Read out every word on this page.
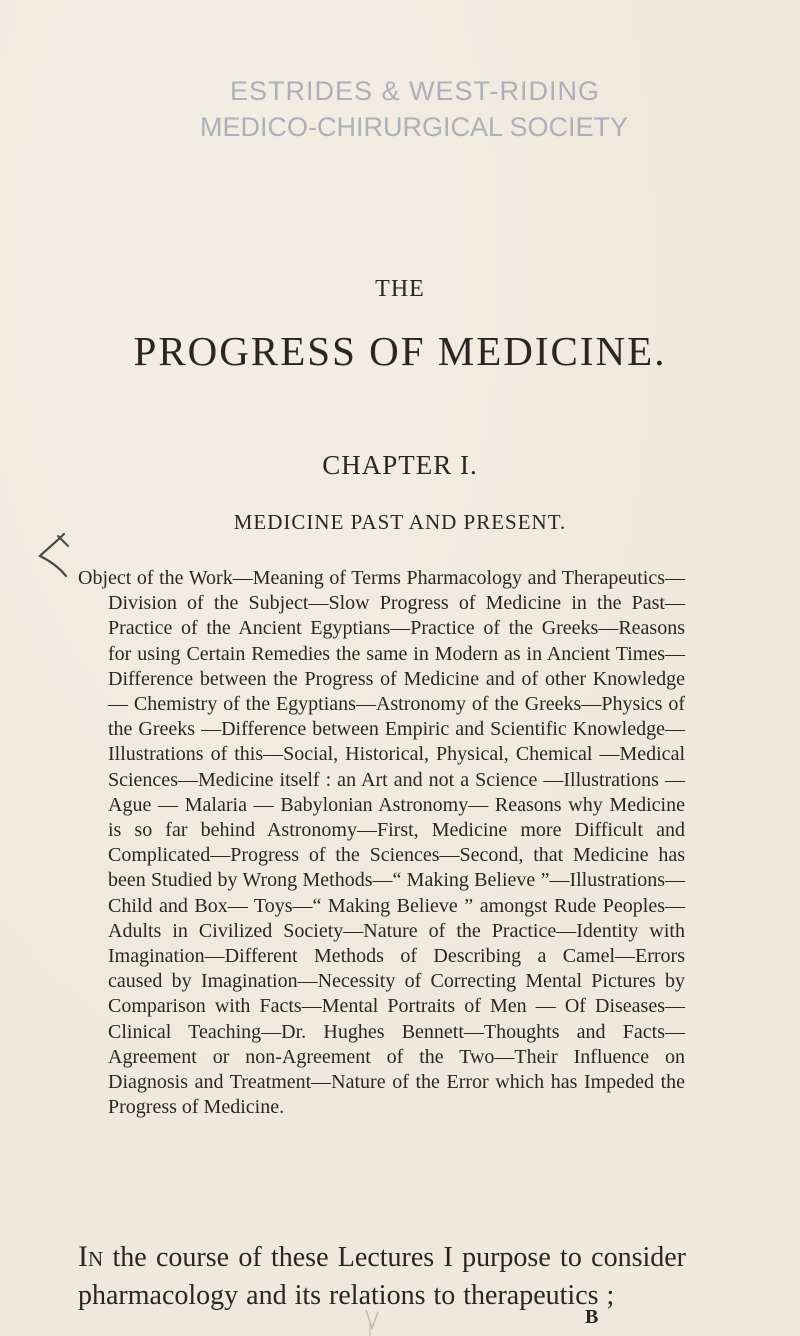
ESTRIDES & WEST-RIDING
MEDICO-CHIRURGICAL SOCIETY
THE
PROGRESS OF MEDICINE.
CHAPTER I.
MEDICINE PAST AND PRESENT.
Object of the Work—Meaning of Terms Pharmacology and Therapeutics—Division of the Subject—Slow Progress of Medicine in the Past—Practice of the Ancient Egyptians—Practice of the Greeks—Reasons for using Certain Remedies the same in Modern as in Ancient Times—Difference between the Progress of Medicine and of other Knowledge — Chemistry of the Egyptians—Astronomy of the Greeks—Physics of the Greeks —Difference between Empiric and Scientific Knowledge— Illustrations of this—Social, Historical, Physical, Chemical —Medical Sciences—Medicine itself : an Art and not a Science —Illustrations — Ague — Malaria — Babylonian Astronomy— Reasons why Medicine is so far behind Astronomy—First, Medicine more Difficult and Complicated—Progress of the Sciences—Second, that Medicine has been Studied by Wrong Methods—“ Making Believe ”—Illustrations—Child and Box— Toys—“ Making Believe ” amongst Rude Peoples—Adults in Civilized Society—Nature of the Practice—Identity with Imagination—Different Methods of Describing a Camel—Errors caused by Imagination—Necessity of Correcting Mental Pictures by Comparison with Facts—Mental Portraits of Men — Of Diseases—Clinical Teaching—Dr. Hughes Bennett—Thoughts and Facts—Agreement or non-Agreement of the Two—Their Influence on Diagnosis and Treatment—Nature of the Error which has Impeded the Progress of Medicine.
In the course of these Lectures I purpose to consider pharmacology and its relations to therapeutics ;
B
